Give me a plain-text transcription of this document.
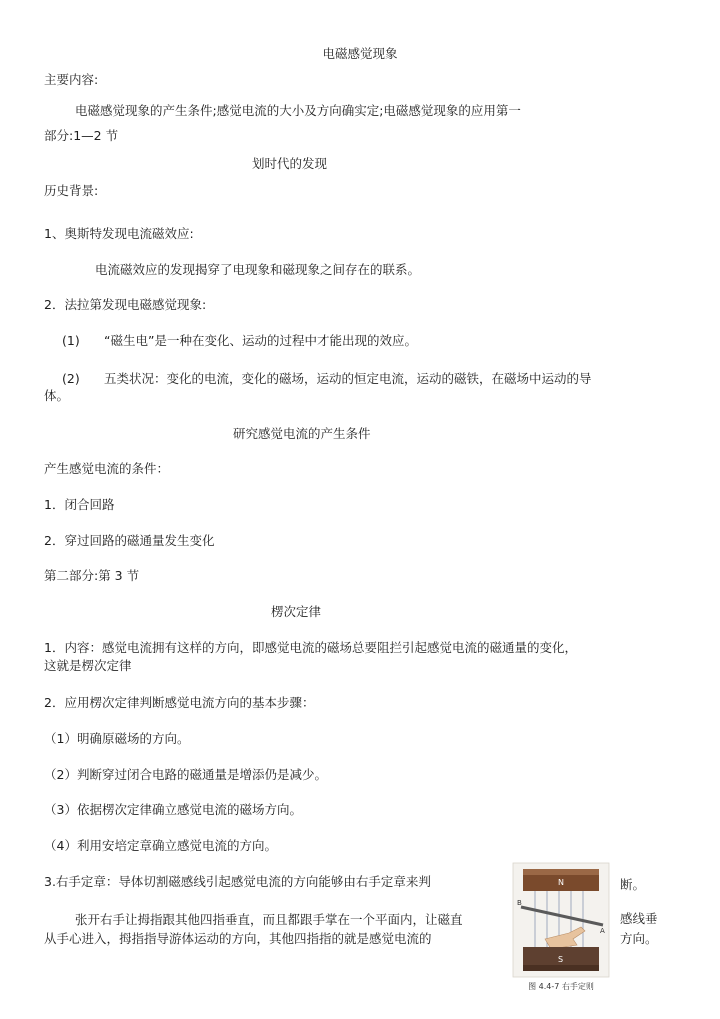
电磁感觉现象
主要内容:
电磁感觉现象的产生条件;感觉电流的大小及方向确实定;电磁感觉现象的应用第一
部分:1—2 节
划时代的发现
历史背景:
1、奥斯特发现电流磁效应:
电流磁效应的发现揭穿了电现象和磁现象之间存在的联系。
2．法拉第发现电磁感觉现象:
(1) “磁生电”是一种在变化、运动的过程中才能出现的效应。
(2) 五类状况：变化的电流，变化的磁场，运动的恒定电流，运动的磁铁，在磁场中运动的导
体。
研究感觉电流的产生条件
产生感觉电流的条件：
1．闭合回路
2．穿过回路的磁通量发生变化
第二部分:第 3 节
楞次定律
1．内容：感觉电流拥有这样的方向，即感觉电流的磁场总要阻拦引起感觉电流的磁通量的变化，
这就是楞次定律
2．应用楞次定律判断感觉电流方向的基本步骤：
（1）明确原磁场的方向。
（2）判断穿过闭合电路的磁通量是增添仍是减少。
（3）依据楞次定律确立感觉电流的磁场方向。
（4）利用安培定章确立感觉电流的方向。
3.右手定章：导体切割磁感线引起感觉电流的方向能够由右手定章来判	断。
张开右手让拇指跟其他四指垂直，而且都跟手掌在一个平面内，让磁直	感线垂
从手心进入，拇指指导游体运动的方向，其他四指指的就是感觉电流的	方向。
N
B
A
S
图 4.4-7 右手定则
